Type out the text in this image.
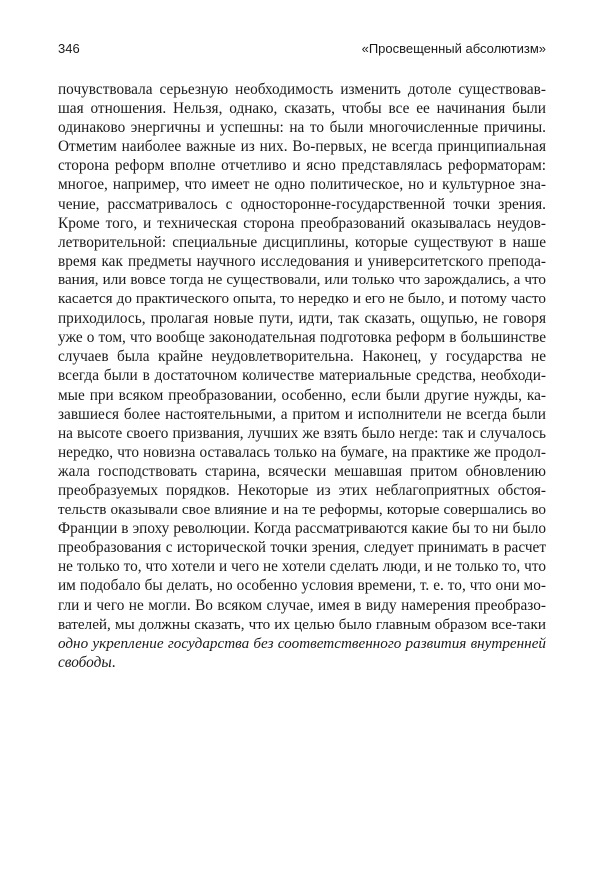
346	«Просвещенный абсолютизм»
почувствовала серьезную необходимость изменить дотоле существовав-
шая отношения. Нельзя, однако, сказать, чтобы все ее начинания были
одинаково энергичны и успешны: на то были многочисленные причины.
Отметим наиболее важные из них. Во-первых, не всегда принципиальная
сторона реформ вполне отчетливо и ясно представлялась реформаторам:
многое, например, что имеет не одно политическое, но и культурное зна-
чение, рассматривалось с односторонне-государственной точки зрения.
Кроме того, и техническая сторона преобразований оказывалась неудов-
летворительной: специальные дисциплины, которые существуют в наше
время как предметы научного исследования и университетского препода-
вания, или вовсе тогда не существовали, или только что зарождались, а что
касается до практического опыта, то нередко и его не было, и потому часто
приходилось, пролагая новые пути, идти, так сказать, ощупью, не говоря
уже о том, что вообще законодательная подготовка реформ в большинстве
случаев была крайне неудовлетворительна. Наконец, у государства не
всегда были в достаточном количестве материальные средства, необходи-
мые при всяком преобразовании, особенно, если были другие нужды, ка-
завшиеся более настоятельными, а притом и исполнители не всегда были
на высоте своего призвания, лучших же взять было негде: так и случалось
нередко, что новизна оставалась только на бумаге, на практике же продол-
жала господствовать старина, всячески мешавшая притом обновлению
преобразуемых порядков. Некоторые из этих неблагоприятных обстоя-
тельств оказывали свое влияние и на те реформы, которые совершались во
Франции в эпоху революции. Когда рассматриваются какие бы то ни было
преобразования с исторической точки зрения, следует принимать в расчет
не только то, что хотели и чего не хотели сделать люди, и не только то, что
им подобало бы делать, но особенно условия времени, т. е. то, что они мо-
гли и чего не могли. Во всяком случае, имея в виду намерения преобразо-
вателей, мы должны сказать, что их целью было главным образом все-таки
одно укрепление государства без соответственного развития внутренней
свободы.
